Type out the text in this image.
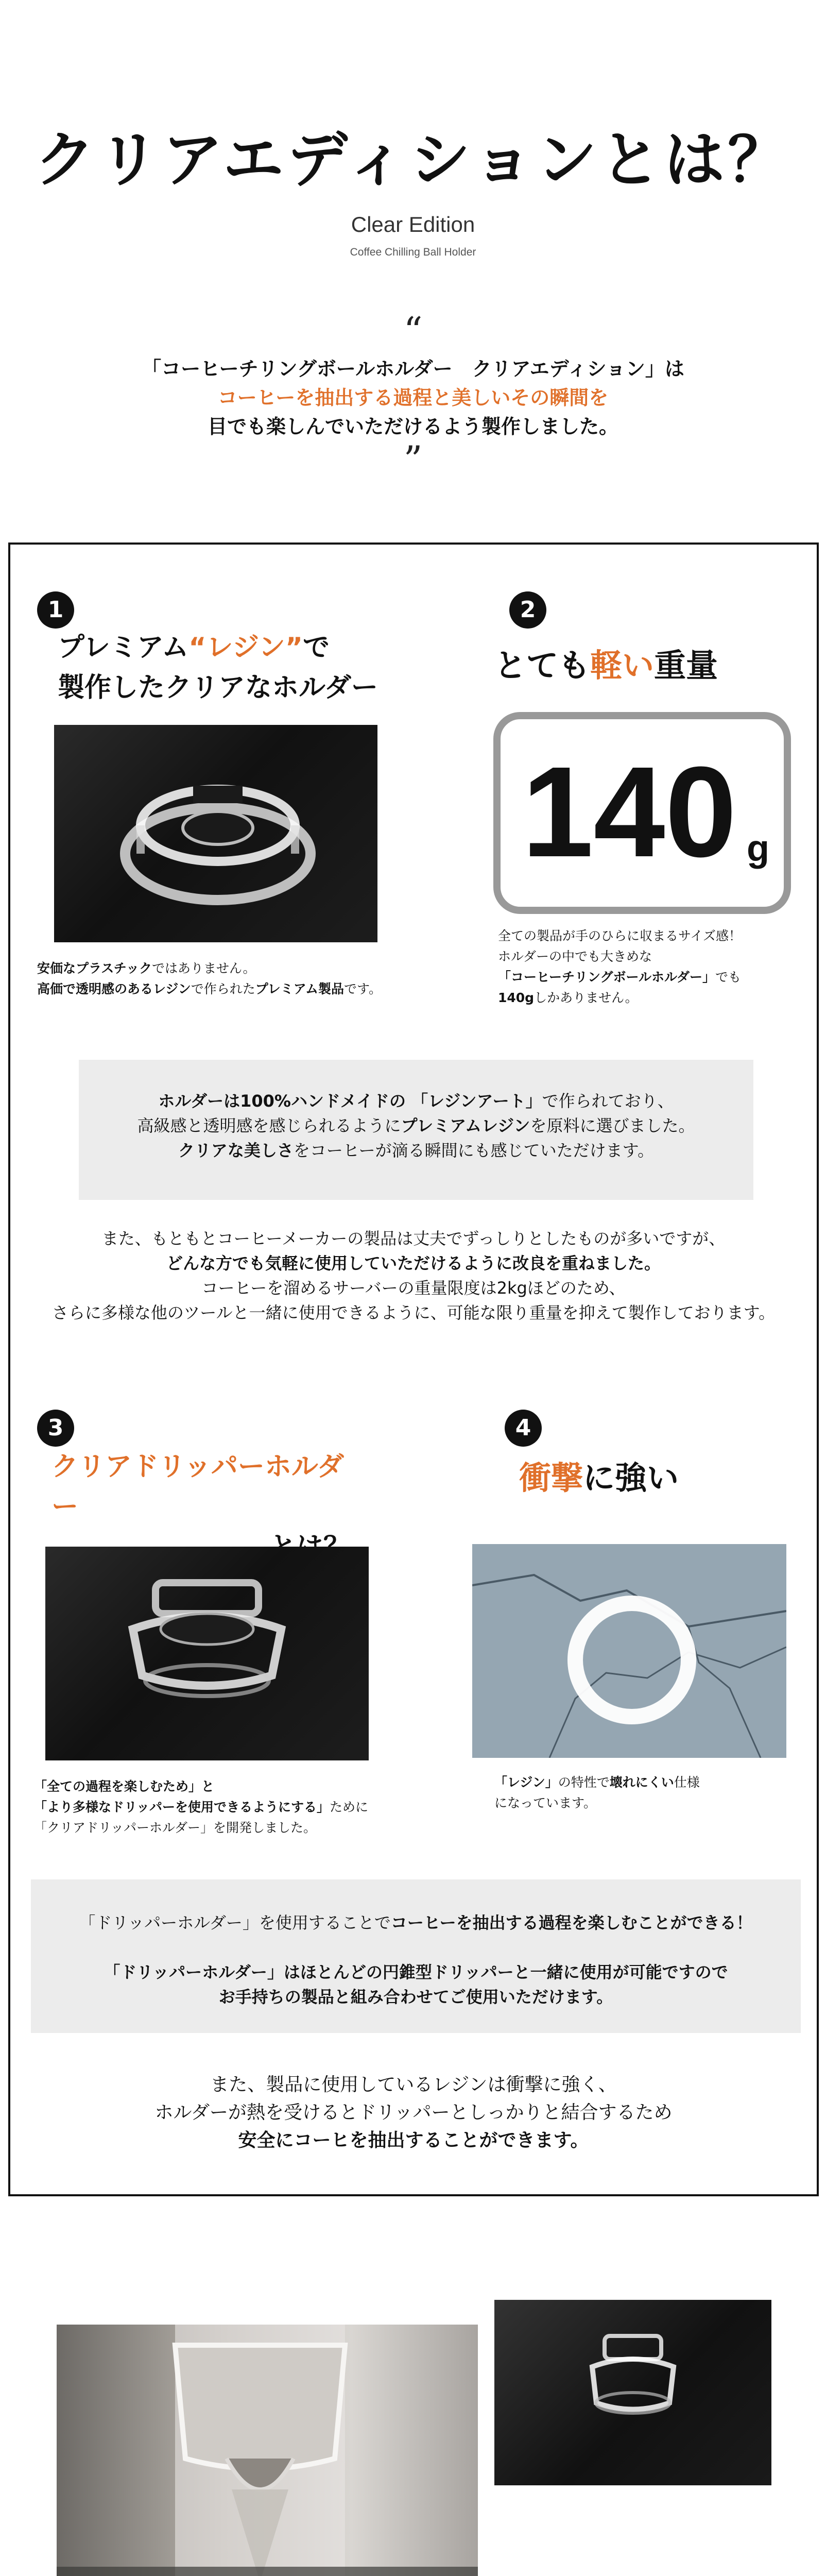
クリアエディションとは？
Clear Edition
Coffee Chilling Ball Holder
“
「コーヒーチリングボールホルダー　クリアエディション」は
コーヒーを抽出する過程と美しいその瞬間を
目でも楽しんでいただけるよう製作しました。
”
1
プレミアム“レジン”で
製作したクリアなホルダー
安価なプラスチックではありません。
高価で透明感のあるレジンで作られたプレミアム製品です。
2
とても軽い重量
140 g
全ての製品が手のひらに収まるサイズ感！
ホルダーの中でも大きめな
「コーヒーチリングボールホルダー」でも
140gしかありません。
ホルダーは100%ハンドメイドの 「レジンアート」で作られており、
高級感と透明感を感じられるようにプレミアムレジンを原料に選びました。
クリアな美しさをコーヒーが滴る瞬間にも感じていただけます。
また、もともとコーヒーメーカーの製品は丈夫でずっしりとしたものが多いですが、
どんな方でも気軽に使用していただけるように改良を重ねました。
コーヒーを溜めるサーバーの重量限度は2kgほどのため、
さらに多様な他のツールと一緒に使用できるように、可能な限り重量を抑えて製作しております。
3
クリアドリッパーホルダー
「全ての過程を楽しむため」と
「より多様なドリッパーを使用できるようにする」ために
「クリアドリッパーホルダー」を開発しました。
4
衝撃に強い
「レジン」の特性で壊れにくい仕様
になっています。
「ドリッパーホルダー」を使用することでコーヒーを抽出する過程を楽しむことができる！
「ドリッパーホルダー」はほとんどの円錐型ドリッパーと一緒に使用が可能ですので
お手持ちの製品と組み合わせてご使用いただけます。
また、製品に使用しているレジンは衝撃に強く、
ホルダーが熱を受けるとドリッパーとしっかりと結合するため
安全にコーヒを抽出することができます。
